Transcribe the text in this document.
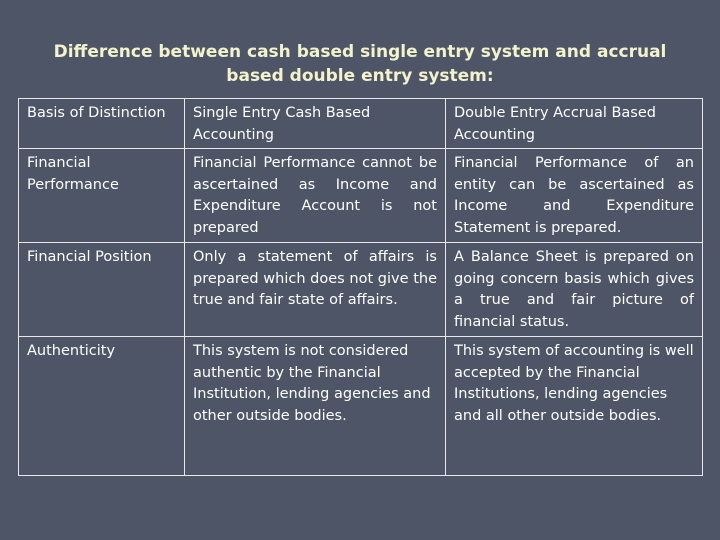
Difference between cash based single entry system and accrual based double entry system:
Basis of Distinction	Single Entry Cash Based Accounting	Double Entry Accrual Based Accounting
Financial Performance	Financial Performance cannot be ascertained as Income and Expenditure Account is not prepared	Financial Performance of an entity can be ascertained as Income and Expenditure Statement is prepared.
Financial Position	Only a statement of affairs is prepared which does not give the true and fair state of affairs.	A Balance Sheet is prepared on going concern basis which gives a true and fair picture of financial status.
Authenticity	This system is not considered authentic by the Financial Institution, lending agencies and other outside bodies.	This system of accounting is well accepted by the Financial Institutions, lending agencies and all other outside bodies.
